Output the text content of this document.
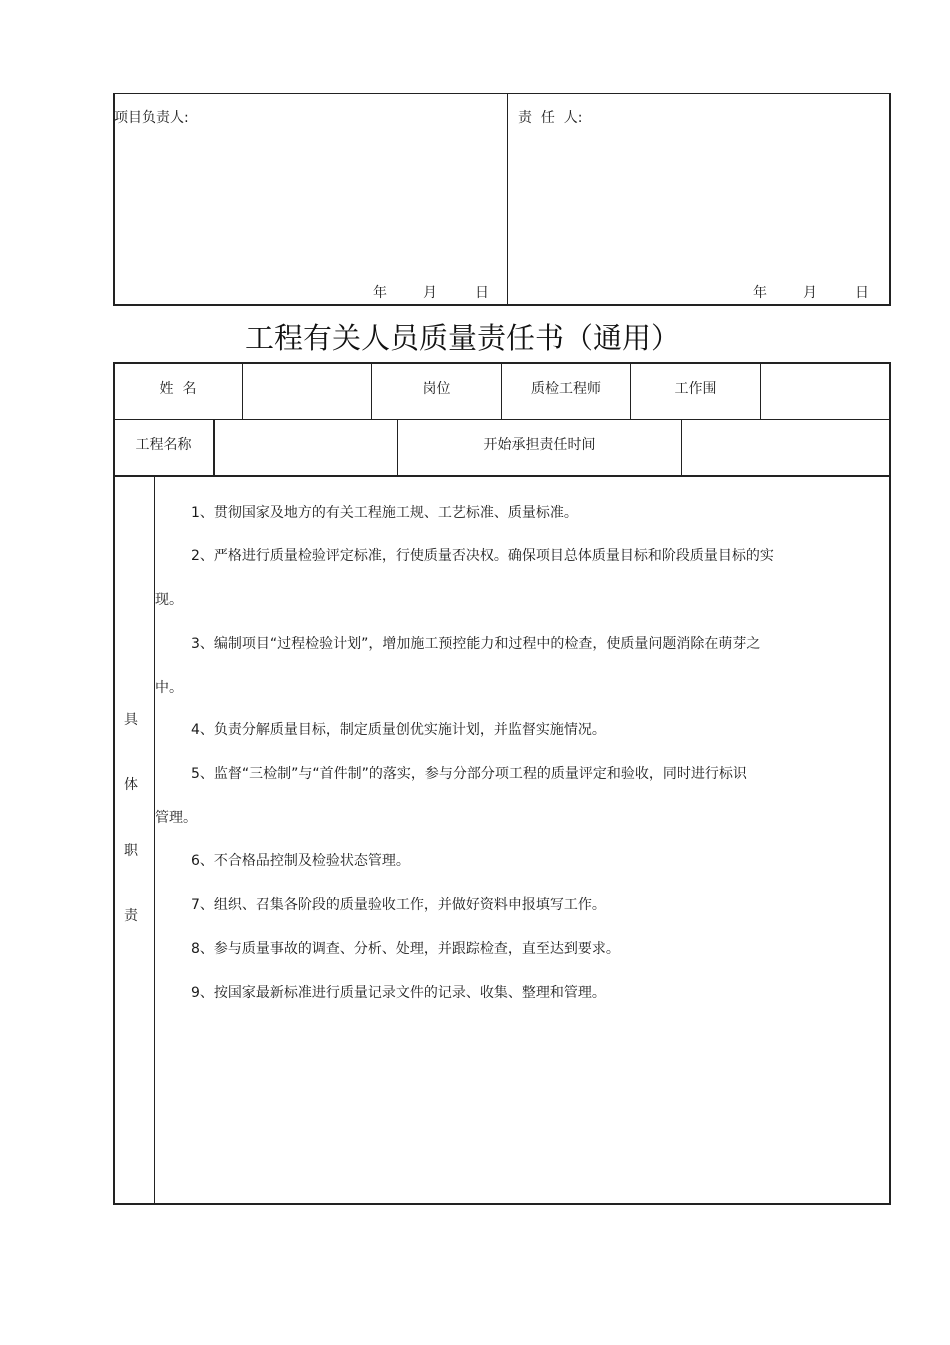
项目负责人:	责  任  人:
年	月	日	年	月	日
工程有关人员质量责任书（通用）
姓  名	岗位	质检工程师	工作围
工程名称	开始承担责任时间
具
体
职
责
1、贯彻国家及地方的有关工程施工规、工艺标准、质量标准。
2、严格进行质量检验评定标准，行使质量否决权。确保项目总体质量目标和阶段质量目标的实
现。
3、编制项目“过程检验计划”，增加施工预控能力和过程中的检查，使质量问题消除在萌芽之
中。
4、负责分解质量目标，制定质量创优实施计划，并监督实施情况。
5、监督“三检制”与“首件制”的落实，参与分部分项工程的质量评定和验收，同时进行标识
管理。
6、不合格品控制及检验状态管理。
7、组织、召集各阶段的质量验收工作，并做好资料申报填写工作。
8、参与质量事故的调查、分析、处理，并跟踪检查，直至达到要求。
9、按国家最新标准进行质量记录文件的记录、收集、整理和管理。
